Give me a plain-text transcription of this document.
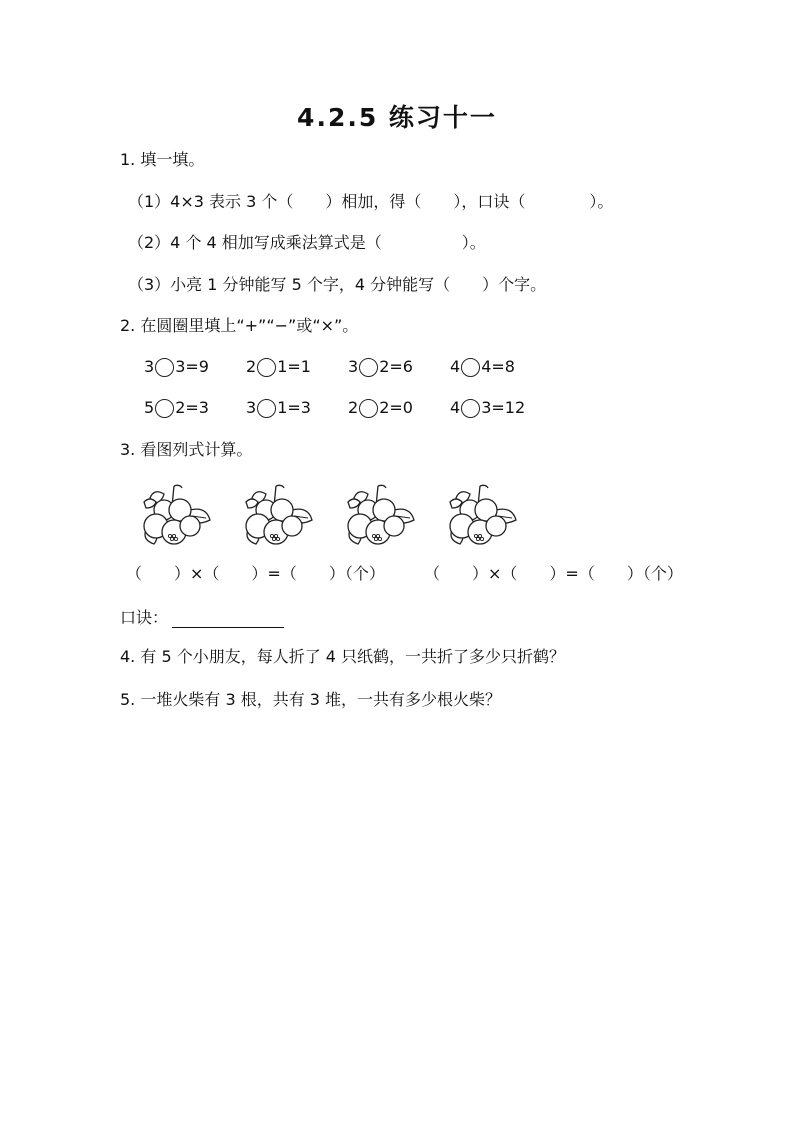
4.2.5 练习十一
1. 填一填。
（1）4×3 表示 3 个（　　）相加，得（　　），口诀（　　　　）。
（2）4 个 4 相加写成乘法算式是（　　　　　）。
（3）小亮 1 分钟能写 5 个字，4 分钟能写（　　）个字。
2. 在圆圈里填上“+”“−”或“×”。
3 3=9 2 1=1 3 2=6 4 4=8
5 2=3 3 1=3 2 2=0 4 3=12
3. 看图列式计算。
（　　）×（　　）=（　　）（个） （　　）×（　　）=（　　）（个）
口诀：
4. 有 5 个小朋友，每人折了 4 只纸鹤，一共折了多少只折鹤？
5. 一堆火柴有 3 根，共有 3 堆，一共有多少根火柴？
